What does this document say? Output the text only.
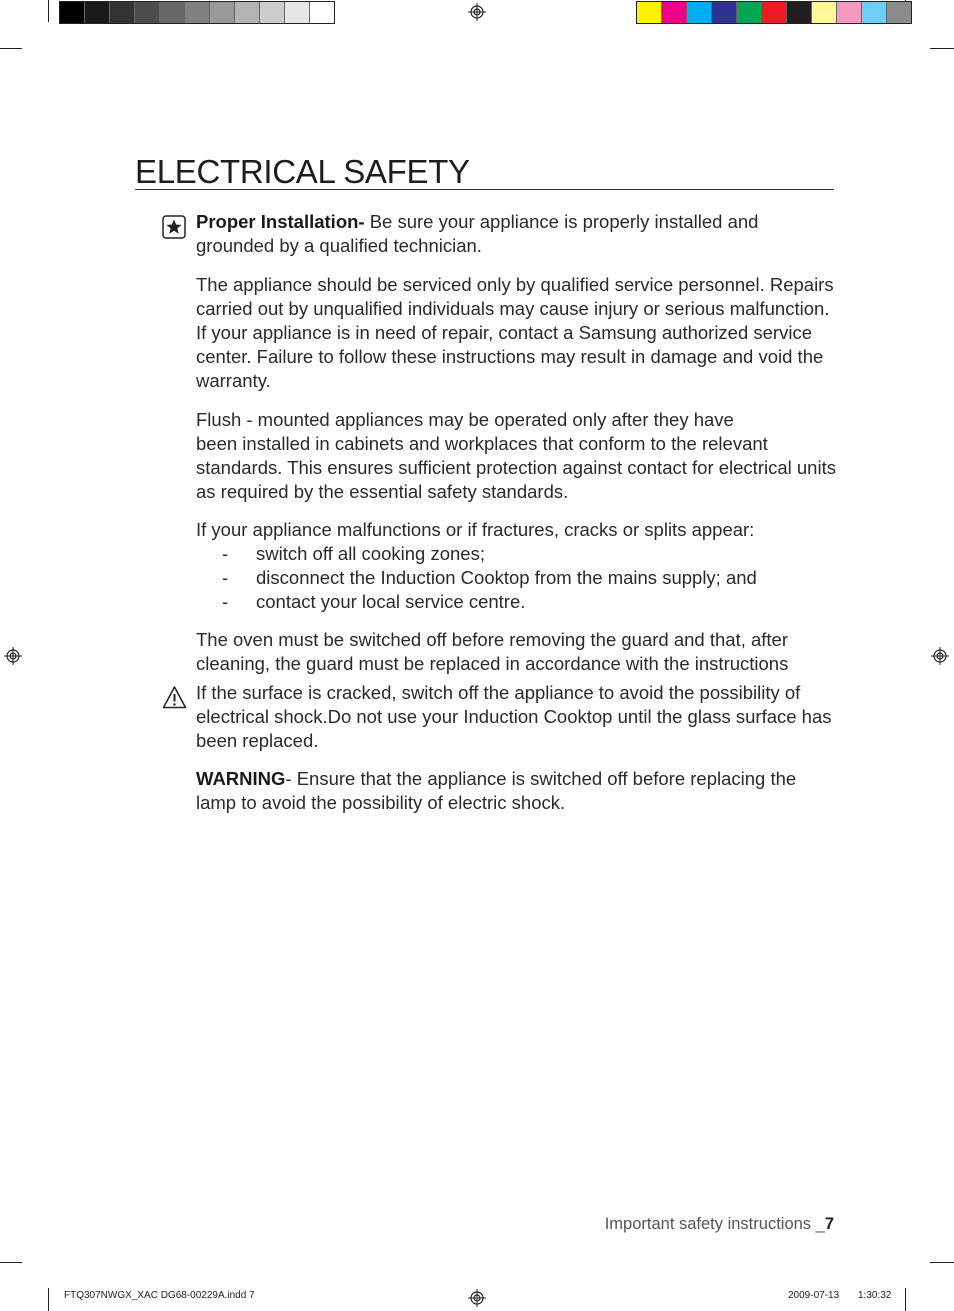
ELECTRICAL SAFETY

Proper Installation- Be sure your appliance is properly installed and grounded by a qualified technician.

The appliance should be serviced only by qualified service personnel. Repairs carried out by unqualified individuals may cause injury or serious malfunction. If your appliance is in need of repair, contact a Samsung authorized service center. Failure to follow these instructions may result in damage and void the warranty.

Flush - mounted appliances may be operated only after they have
been installed in cabinets and workplaces that conform to the relevant standards. This ensures sufficient protection against contact for electrical units as required by the essential safety standards.

If your appliance malfunctions or if fractures, cracks or splits appear:

-	switch off all cooking zones;
-	disconnect the Induction Cooktop from the mains supply; and
-	contact your local service centre.

The oven must be switched off before removing the guard and that, after cleaning, the guard must be replaced in accordance with the instructions

If the surface is cracked, switch off the appliance to avoid the possibility of electrical shock.Do not use your Induction Cooktop until the glass surface has been replaced.

WARNING- Ensure that the appliance is switched off before replacing the lamp to avoid the possibility of electric shock.

Important safety instructions _7
FTQ307NWGX_XAC DG68-00229A.indd 7	2009-07-13 1:30:32
